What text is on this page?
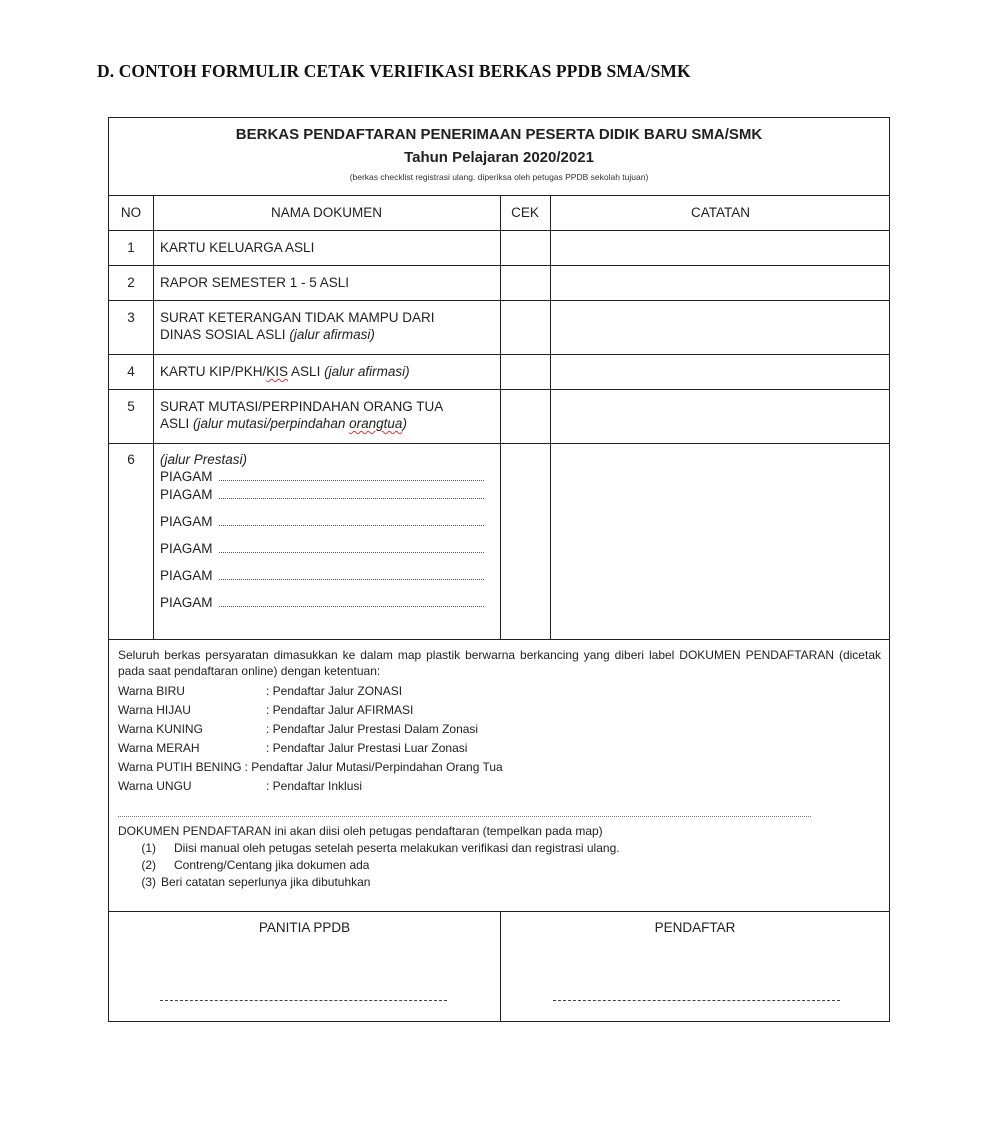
D. CONTOH FORMULIR CETAK VERIFIKASI BERKAS PPDB SMA/SMK
BERKAS PENDAFTARAN PENERIMAAN PESERTA DIDIK BARU SMA/SMK
Tahun Pelajaran 2020/2021
(berkas checklist registrasi ulang. diperiksa oleh petugas PPDB sekolah tujuan)
NO	NAMA DOKUMEN	CEK	CATATAN
1	KARTU KELUARGA ASLI
2	RAPOR SEMESTER 1 - 5 ASLI
3	SURAT KETERANGAN TIDAK MAMPU DARI
DINAS SOSIAL ASLI (jalur afirmasi)
4	KARTU KIP/PKH/KIS ASLI (jalur afirmasi)
5	SURAT MUTASI/PERPINDAHAN ORANG TUA
ASLI (jalur mutasi/perpindahan orangtua)
6	(jalur Prestasi)
PIAGAM
PIAGAM
PIAGAM
PIAGAM
PIAGAM
PIAGAM

Seluruh berkas persyaratan dimasukkan ke dalam map plastik berwarna berkancing yang diberi label DOKUMEN PENDAFTARAN (dicetak pada saat pendaftaran online) dengan ketentuan:

Warna BIRU	: Pendaftar Jalur ZONASI
Warna HIJAU	: Pendaftar Jalur AFIRMASI
Warna KUNING	: Pendaftar Jalur Prestasi Dalam Zonasi
Warna MERAH	: Pendaftar Jalur Prestasi Luar Zonasi
Warna PUTIH BENING : Pendaftar Jalur Mutasi/Perpindahan Orang Tua
Warna UNGU	: Pendaftar Inklusi
DOKUMEN PENDAFTARAN ini akan diisi oleh petugas pendaftaran (tempelkan pada map)
(1)	Diisi manual oleh petugas setelah peserta melakukan verifikasi dan registrasi ulang.
(2)	Contreng/Centang jika dokumen ada
(3) Beri catatan seperlunya jika dibutuhkan
PANITIA PPDB	PENDAFTAR
